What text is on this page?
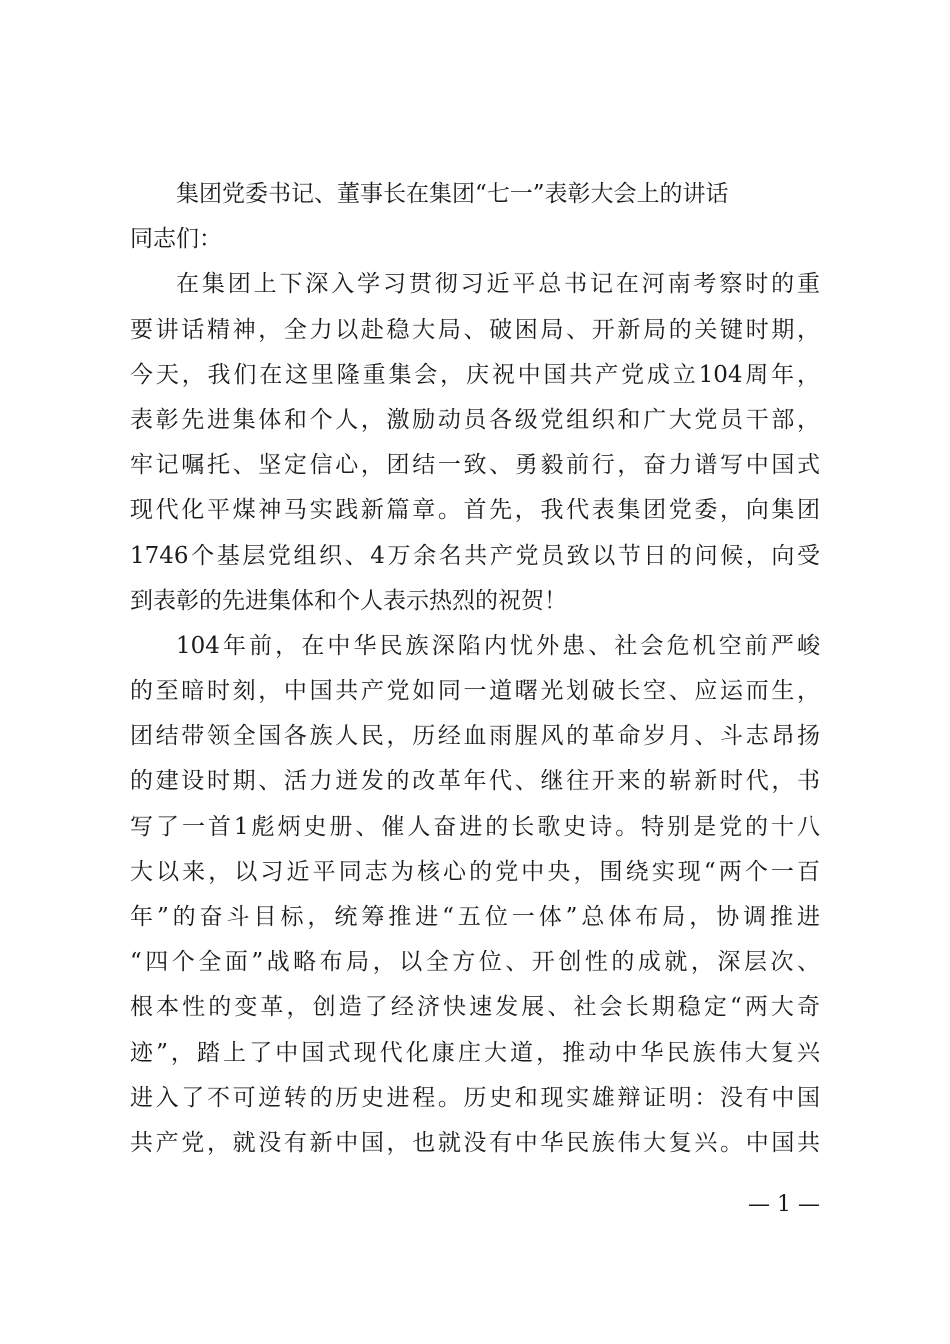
集团党委书记、董事长在集团“七一”表彰大会上的讲话
同志们：
在集团上下深入学习贯彻习近平总书记在河南考察时的重
要讲话精神，全力以赴稳大局、破困局、开新局的关键时期，
今天，我们在这里隆重集会，庆祝中国共产党成立104周年，
表彰先进集体和个人，激励动员各级党组织和广大党员干部，
牢记嘱托、坚定信心，团结一致、勇毅前行，奋力谱写中国式
现代化平煤神马实践新篇章。首先，我代表集团党委，向集团
1746个基层党组织、4万余名共产党员致以节日的问候，向受
到表彰的先进集体和个人表示热烈的祝贺！
104年前，在中华民族深陷内忧外患、社会危机空前严峻
的至暗时刻，中国共产党如同一道曙光划破长空、应运而生，
团结带领全国各族人民，历经血雨腥风的革命岁月、斗志昂扬
的建设时期、活力迸发的改革年代、继往开来的崭新时代，书
写了一首1彪炳史册、催人奋进的长歌史诗。特别是党的十八
大以来，以习近平同志为核心的党中央，围绕实现“两个一百
年”的奋斗目标，统筹推进“五位一体”总体布局，协调推进
“四个全面”战略布局，以全方位、开创性的成就，深层次、
根本性的变革，创造了经济快速发展、社会长期稳定“两大奇
迹”，踏上了中国式现代化康庄大道，推动中华民族伟大复兴
进入了不可逆转的历史进程。历史和现实雄辩证明：没有中国
共产党，就没有新中国，也就没有中华民族伟大复兴。中国共
— 1 —
